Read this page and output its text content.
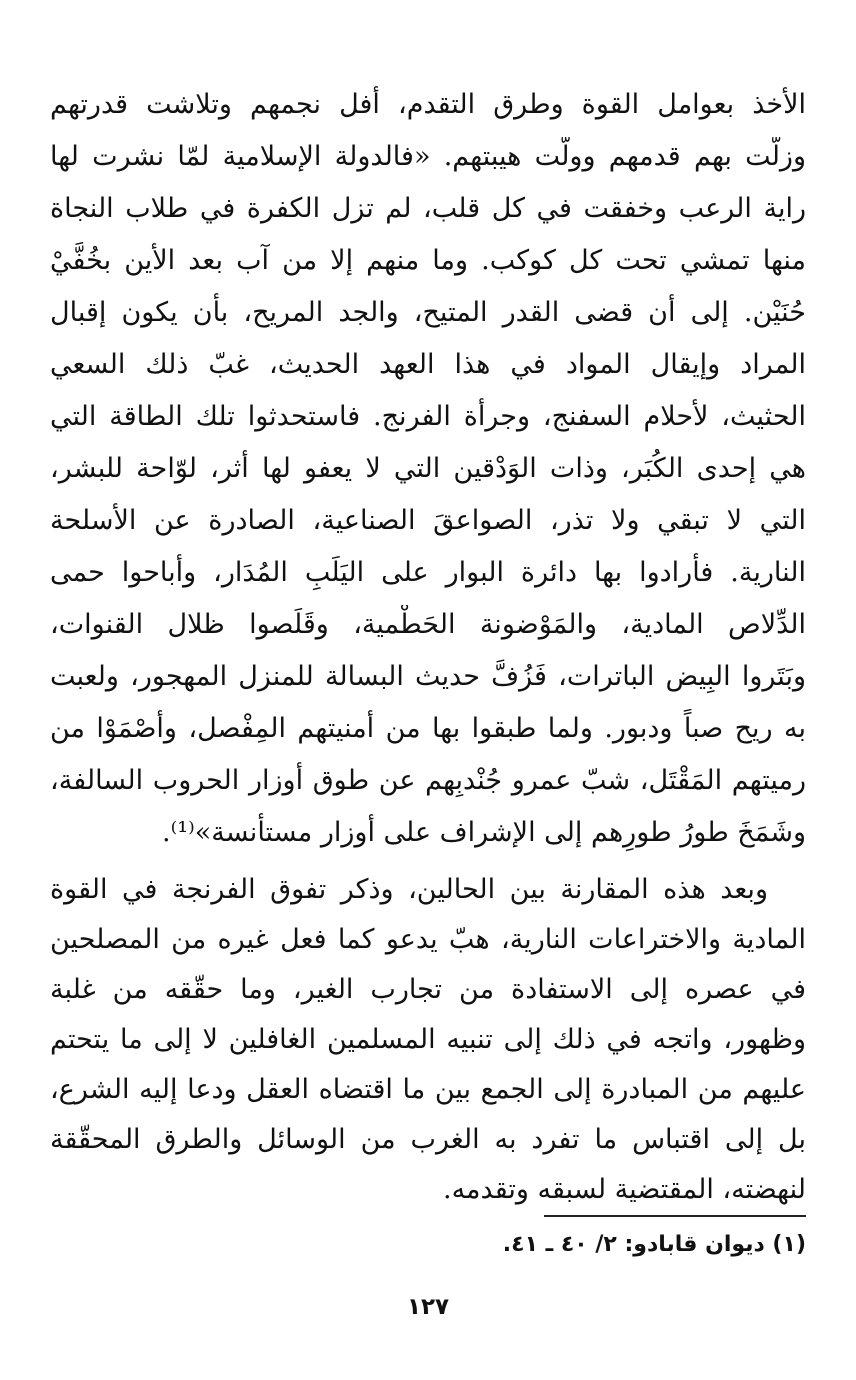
الأخذ بعوامل القوة وطرق التقدم، أفل نجمهم وتلاشت قدرتهم
وزلّت بهم قدمهم وولّت هيبتهم. «فالدولة الإسلامية لمّا نشرت لها
راية الرعب وخفقت في كل قلب، لم تزل الكفرة في طلاب النجاة
منها تمشي تحت كل كوكب. وما منهم إلا من آب بعد الأين بخُفَّيْ
حُنَيْن. إلى أن قضى القدر المتيح، والجد المريح، بأن يكون إقبال
المراد وإيقال المواد في هذا العهد الحديث، غبّ ذلك السعي
الحثيث، لأحلام السفنج، وجرأة الفرنج. فاستحدثوا تلك الطاقة التي
هي إحدى الكُبَر، وذات الوَدْقين التي لا يعفو لها أثر، لوّاحة للبشر،
التي لا تبقي ولا تذر، الصواعقَ الصناعية، الصادرة عن الأسلحة
النارية. فأرادوا بها دائرة البوار على اليَلَبِ المُدَار، وأباحوا حمى
الدِّلاص المادية، والمَوْضونة الحَطْمية، وقَلَصوا ظلال القنوات،
وبَتَروا البِيض الباترات، فَزُفَّ حديث البسالة للمنزل المهجور، ولعبت
به ريح صباً ودبور. ولما طبقوا بها من أمنيتهم المِفْصل، وأَصْمَوْا من
رميتهم المَقْتَل، شبّ عمرو جُنْدبِهم عن طوق أوزار الحروب السالفة،
وشَمَخَ طورُ طورِهم إلى الإشراف على أوزار مستأنسة»⁽¹⁾.
وبعد هذه المقارنة بين الحالين، وذكر تفوق الفرنجة في القوة
المادية والاختراعات النارية، هبّ يدعو كما فعل غيره من المصلحين
في عصره إلى الاستفادة من تجارب الغير، وما حقّقه من غلبة
وظهور، واتجه في ذلك إلى تنبيه المسلمين الغافلين لا إلى ما يتحتم
عليهم من المبادرة إلى الجمع بين ما اقتضاه العقل ودعا إليه الشرع،
بل إلى اقتباس ما تفرد به الغرب من الوسائل والطرق المحقّقة
لنهضته، المقتضية لسبقه وتقدمه.
(١) ديوان قابادو: ٢/ ٤٠ ـ ٤١.
١٢٧
